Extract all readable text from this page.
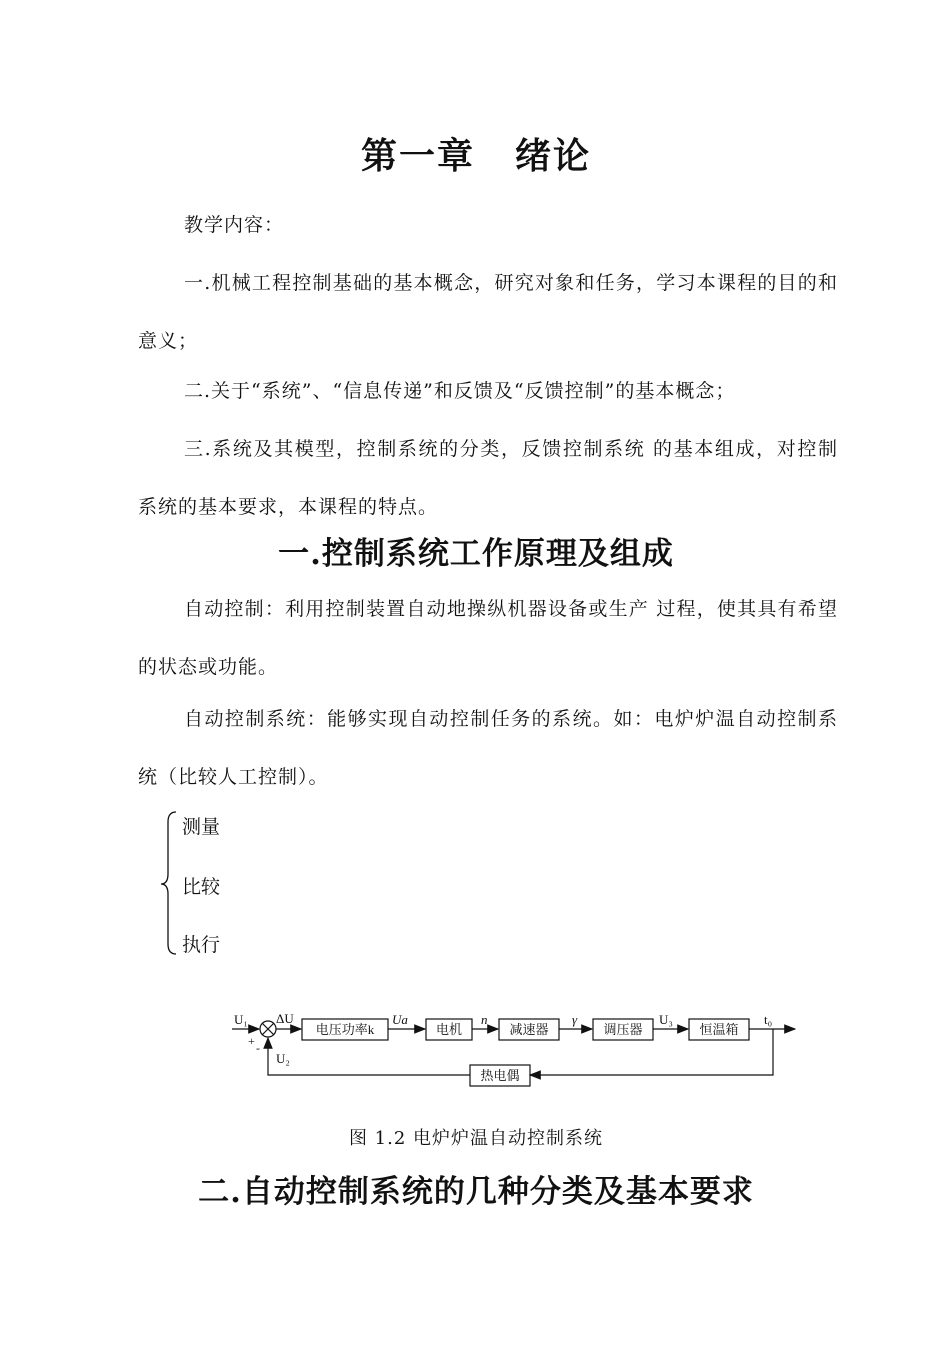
第一章 绪论

教学内容：

一.机械工程控制基础的基本概念，研究对象和任务，学习本课程的目的和意义；

二.关于“系统”、“信息传递”和反馈及“反馈控制”的基本概念；

三.系统及其模型，控制系统的分类，反馈控制系统 的基本组成，对控制系统的基本要求，本课程的特点。

一.控制系统工作原理及组成

自动控制：利用控制装置自动地操纵机器设备或生产 过程，使其具有希望的状态或功能。

自动控制系统：能够实现自动控制任务的系统。如：电炉炉温自动控制系统（比较人工控制）。

测量
比较
执行
U₁
+ -
ΔU
电压功率k
Ua
电机
n
减速器
γ
调压器
U₃
恒温箱
t₀
热电偶
U₂
图 1.2 电炉炉温自动控制系统
二.自动控制系统的几种分类及基本要求
